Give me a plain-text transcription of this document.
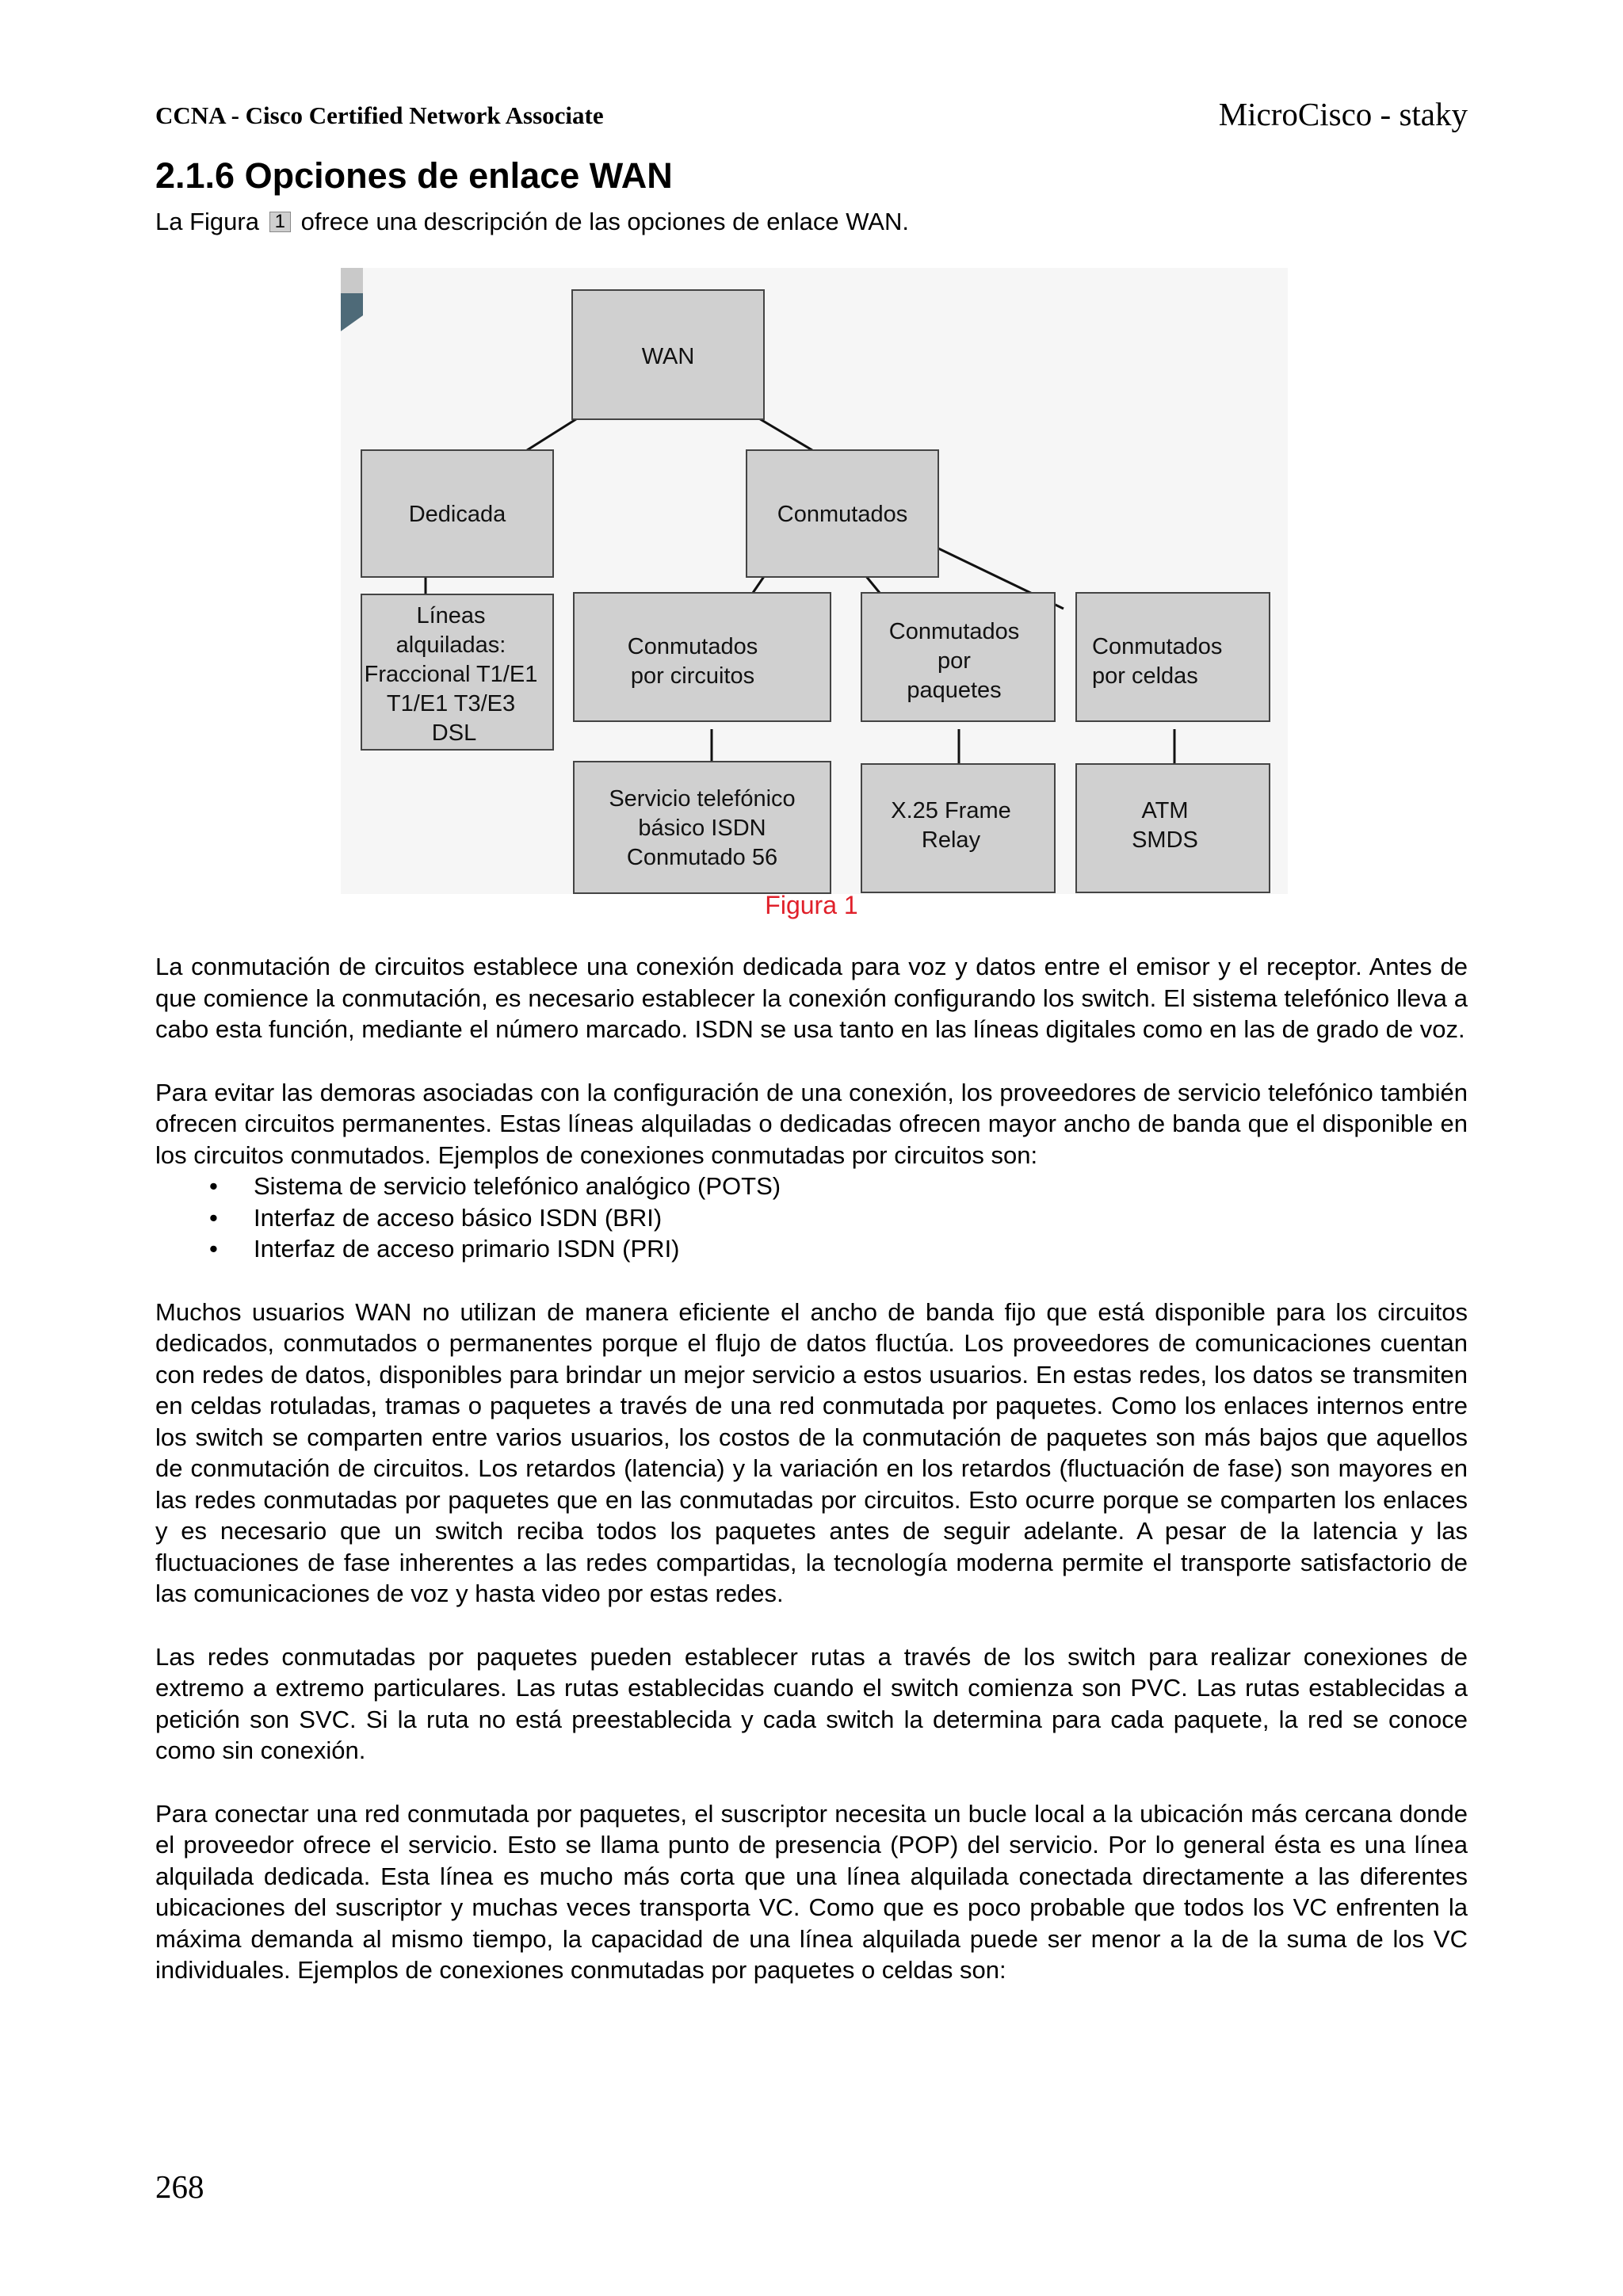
CCNA - Cisco Certified Network Associate	MicroCisco - staky
2.1.6 Opciones de enlace WAN
La Figura 1 ofrece una descripción de las opciones de enlace WAN.
WAN
Dedicada	Conmutados
Líneas
alquiladas:
Fraccional T1/E1
T1/E1 T3/E3
DSL
Conmutados
por circuitos
Conmutados
por
paquetes
Conmutados
por celdas
Servicio telefónico
básico ISDN
Conmutado 56
X.25 Frame
Relay
ATM
SMDS
Figura 1

La conmutación de circuitos establece una conexión dedicada para voz y datos entre el emisor y el receptor. Antes de que comience la conmutación, es necesario establecer la conexión configurando los switch. El sistema telefónico lleva a cabo esta función, mediante el número marcado. ISDN se usa tanto en las líneas digitales como en las de grado de voz.

Para evitar las demoras asociadas con la configuración de una conexión, los proveedores de servicio telefónico también ofrecen circuitos permanentes. Estas líneas alquiladas o dedicadas ofrecen mayor ancho de banda que el disponible en los circuitos conmutados. Ejemplos de conexiones conmutadas por circuitos son:

• Sistema de servicio telefónico analógico (POTS)
• Interfaz de acceso básico ISDN (BRI)
• Interfaz de acceso primario ISDN (PRI)

Muchos usuarios WAN no utilizan de manera eficiente el ancho de banda fijo que está disponible para los circuitos dedicados, conmutados o permanentes porque el flujo de datos fluctúa. Los proveedores de comunicaciones cuentan con redes de datos, disponibles para brindar un mejor servicio a estos usuarios. En estas redes, los datos se transmiten en celdas rotuladas, tramas o paquetes a través de una red conmutada por paquetes. Como los enlaces internos entre los switch se comparten entre varios usuarios, los costos de la conmutación de paquetes son más bajos que aquellos de conmutación de circuitos. Los retardos (latencia) y la variación en los retardos (fluctuación de fase) son mayores en las redes conmutadas por paquetes que en las conmutadas por circuitos. Esto ocurre porque se comparten los enlaces y es necesario que un switch reciba todos los paquetes antes de seguir adelante. A pesar de la latencia y las fluctuaciones de fase inherentes a las redes compartidas, la tecnología moderna permite el transporte satisfactorio de las comunicaciones de voz y hasta video por estas redes.

Las redes conmutadas por paquetes pueden establecer rutas a través de los switch para realizar conexiones de extremo a extremo particulares. Las rutas establecidas cuando el switch comienza son PVC. Las rutas establecidas a petición son SVC. Si la ruta no está preestablecida y cada switch la determina para cada paquete, la red se conoce como sin conexión.

Para conectar una red conmutada por paquetes, el suscriptor necesita un bucle local a la ubicación más cercana donde el proveedor ofrece el servicio. Esto se llama punto de presencia (POP) del servicio. Por lo general ésta es una línea alquilada dedicada. Esta línea es mucho más corta que una línea alquilada conectada directamente a las diferentes ubicaciones del suscriptor y muchas veces transporta VC. Como que es poco probable que todos los VC enfrenten la máxima demanda al mismo tiempo, la capacidad de una línea alquilada puede ser menor a la de la suma de los VC individuales. Ejemplos de conexiones conmutadas por paquetes o celdas son:

268
